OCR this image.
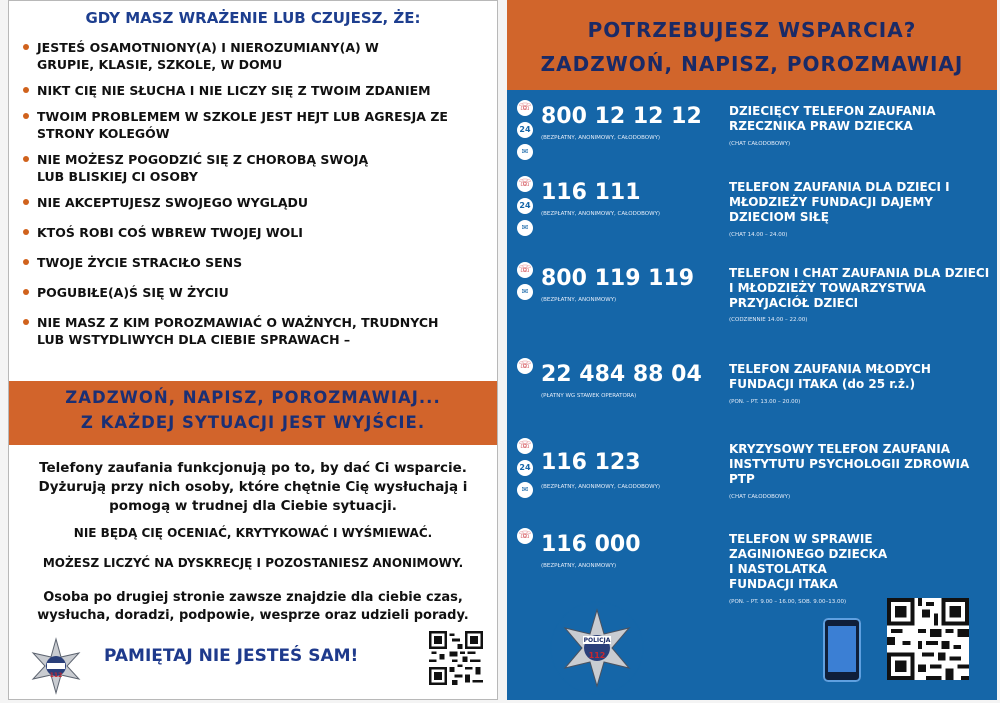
GDY MASZ WRAŻENIE LUB CZUJESZ, ŻE:
JESTEŚ OSAMOTNIONY(A) I NIEROZUMIANY(A) W GRUPIE, KLASIE, SZKOLE, W DOMU
NIKT CIĘ NIE SŁUCHA I NIE LICZY SIĘ Z TWOIM ZDANIEM
TWOIM PROBLEMEM W SZKOLE JEST HEJT LUB AGRESJA ZE STRONY KOLEGÓW
NIE MOŻESZ POGODZIĆ SIĘ Z CHOROBĄ SWOJĄ LUB BLISKIEJ CI OSOBY
NIE AKCEPTUJESZ SWOJEGO WYGLĄDU
KTOŚ ROBI COŚ WBREW TWOJEJ WOLI
TWOJE ŻYCIE STRACIŁO SENS
POGUBIŁE(A)Ś SIĘ W ŻYCIU
NIE MASZ Z KIM POROZMAWIAĆ O WAŻNYCH, TRUDNYCH LUB WSTYDLIWYCH DLA CIEBIE SPRAWACH –
ZADZWOŃ, NAPISZ, POROZMAWIAJ...
Z KAŻDEJ SYTUACJI JEST WYJŚCIE.
Telefony zaufania funkcjonują po to, by dać Ci wsparcie. Dyżurują przy nich osoby, które chętnie Cię wysłuchają i pomogą w trudnej dla Ciebie sytuacji.
NIE BĘDĄ CIĘ OCENIAĆ, KRYTYKOWAĆ I WYŚMIEWAĆ.
MOŻESZ LICZYĆ NA DYSKRECJĘ I POZOSTANIESZ ANONIMOWY.
Osoba po drugiej stronie zawsze znajdzie dla ciebie czas, wysłucha, doradzi, podpowie, wesprze oraz udzieli porady.
112
PAMIĘTAJ NIE JESTEŚ SAM!
POTRZEBUJESZ WSPARCIA?
ZADZWOŃ, NAPISZ, POROZMAWIAJ
☏
24
✉
800 12 12 12
(BEZPŁATNY, ANONIMOWY, CAŁODOBOWY)
DZIECIĘCY TELEFON ZAUFANIA RZECZNIKA PRAW DZIECKA
(CHAT CAŁODOBOWY)
☏
24
✉
116 111
(BEZPŁATNY, ANONIMOWY, CAŁODOBOWY)
TELEFON ZAUFANIA DLA DZIECI I MŁODZIEŻY FUNDACJI DAJEMY DZIECIOM SIŁĘ
(CHAT 14.00 – 24.00)
☏
✉
800 119 119
(BEZPŁATNY, ANONIMOWY)
TELEFON I CHAT ZAUFANIA DLA DZIECI I MŁODZIEŻY TOWARZYSTWA PRZYJACIÓŁ DZIECI
(CODZIENNIE 14.00 – 22.00)
☏ 22 484 88 04
(PŁATNY WG STAWEK OPERATORA)
TELEFON ZAUFANIA MŁODYCH FUNDACJI ITAKA (do 25 r.ż.)
(PON. – PT. 13.00 – 20.00)
☏
24
✉
116 123
(BEZPŁATNY, ANONIMOWY, CAŁODOBOWY)
KRYZYSOWY TELEFON ZAUFANIA INSTYTUTU PSYCHOLOGII ZDROWIA PTP
(CHAT CAŁODOBOWY)
☏ 116 000
(BEZPŁATNY, ANONIMOWY)
TELEFON W SPRAWIE ZAGINIONEGO DZIECKA I NASTOLATKA FUNDACJI ITAKA
(PON. – PT. 9.00 – 16.00, SOB. 9.00–13.00)
POLICJA
112
